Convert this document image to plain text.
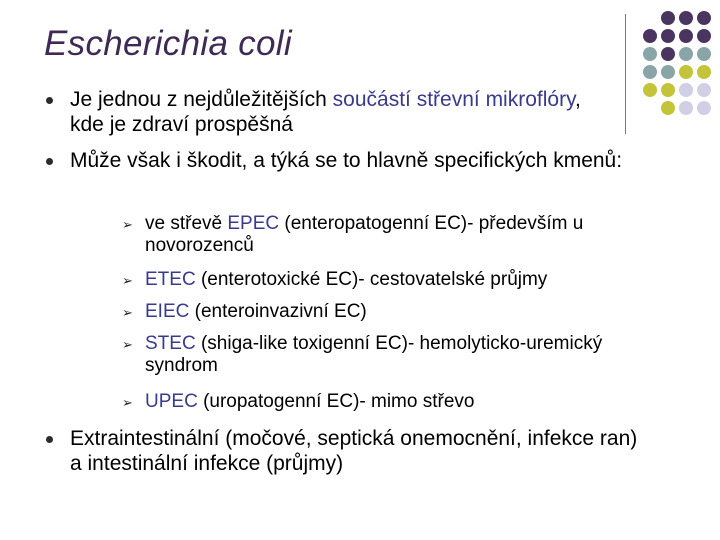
Escherichia coli

Je jednou z nejdůležitějších součástí střevní mikroflóry, kde je zdraví prospěšná

Může však i škodit, a týká se to hlavně specifických kmenů:

➢ ve střevě EPEC (enteropatogenní EC)- především u novorozenců

➢ ETEC (enterotoxické EC)- cestovatelské průjmy

➢ EIEC (enteroinvazivní EC)

➢ STEC (shiga-like toxigenní EC)- hemolyticko-uremický syndrom

➢ UPEC (uropatogenní EC)- mimo střevo

Extraintestinální (močové, septická onemocnění, infekce ran) a intestinální infekce (průjmy)
